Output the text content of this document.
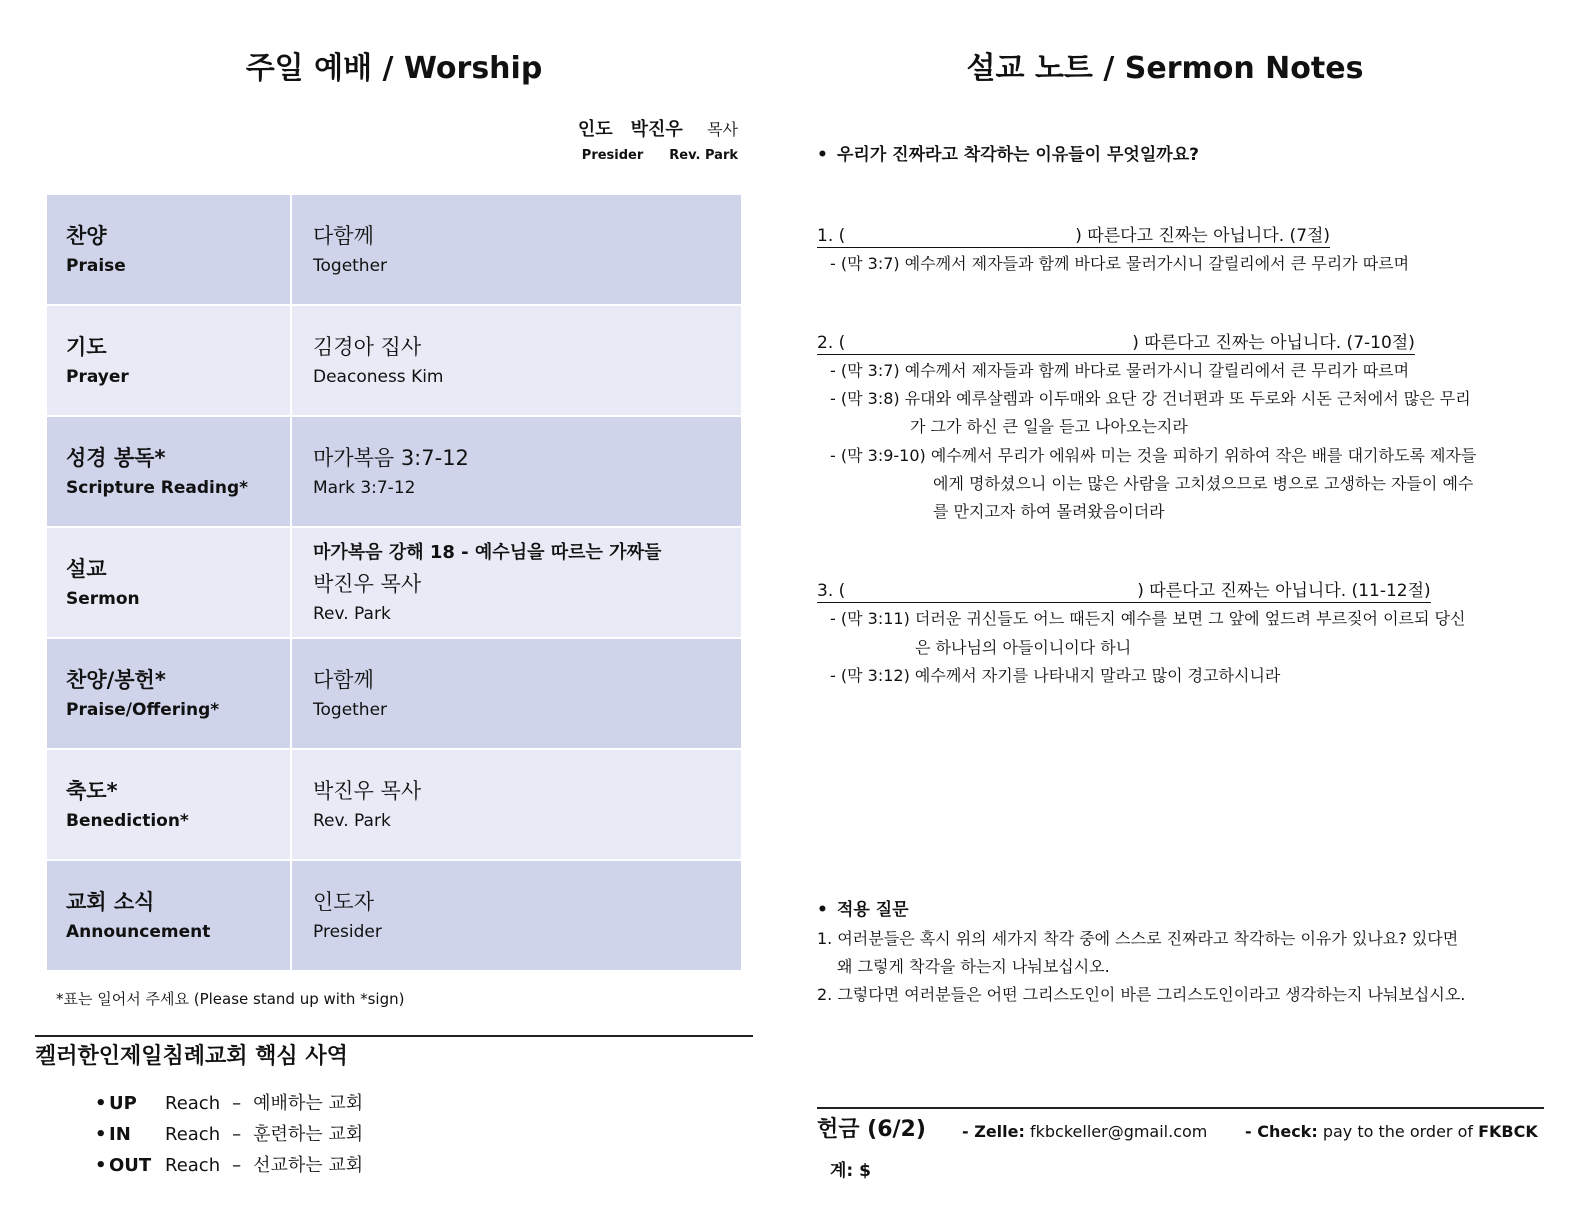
주일 예배 / Worship
인도 박진우 목사
Presider Rev. Park
찬양
Praise	다함께
Together

기도
Prayer	김경아 집사
Deaconess Kim

성경 봉독*
Scripture Reading*	마가복음 3:7-12
Mark 3:7-12

설교
Sermon	마가복음 강해 18 - 예수님을 따르는 가짜들
박진우 목사
Rev. Park

찬양/봉헌*
Praise/Offering*	다함께
Together

축도*
Benediction*	박진우 목사
Rev. Park

교회 소식
Announcement	인도자
Presider
*표는 일어서 주세요 (Please stand up with *sign)
켈러한인제일침례교회 핵심 사역
• UP Reach – 예배하는 교회
• IN Reach – 훈련하는 교회
• OUT Reach – 선교하는 교회
설교 노트 / Sermon Notes
• 우리가 진짜라고 착각하는 이유들이 무엇일까요?
1. (	) 따른다고 진짜는 아닙니다. (7절)
- (막 3:7) 예수께서 제자들과 함께 바다로 물러가시니 갈릴리에서 큰 무리가 따르며
2. (	) 따른다고 진짜는 아닙니다. (7-10절)
- (막 3:7) 예수께서 제자들과 함께 바다로 물러가시니 갈릴리에서 큰 무리가 따르며
- (막 3:8) 유대와 예루살렘과 이두매와 요단 강 건너편과 또 두로와 시돈 근처에서 많은 무리
가 그가 하신 큰 일을 듣고 나아오는지라
- (막 3:9-10) 예수께서 무리가 에워싸 미는 것을 피하기 위하여 작은 배를 대기하도록 제자들
에게 명하셨으니 이는 많은 사람을 고치셨으므로 병으로 고생하는 자들이 예수
를 만지고자 하여 몰려왔음이더라
3. (	) 따른다고 진짜는 아닙니다. (11-12절)
- (막 3:11) 더러운 귀신들도 어느 때든지 예수를 보면 그 앞에 엎드려 부르짖어 이르되 당신
은 하나님의 아들이니이다 하니
- (막 3:12) 예수께서 자기를 나타내지 말라고 많이 경고하시니라
• 적용 질문
1. 여러분들은 혹시 위의 세가지 착각 중에 스스로 진짜라고 착각하는 이유가 있나요? 있다면
왜 그렇게 착각을 하는지 나눠보십시오.
2. 그렇다면 여러분들은 어떤 그리스도인이 바른 그리스도인이라고 생각하는지 나눠보십시오.
헌금 (6/2) - Zelle: fkbckeller@gmail.com - Check: pay to the order of FKBCK
계: $
